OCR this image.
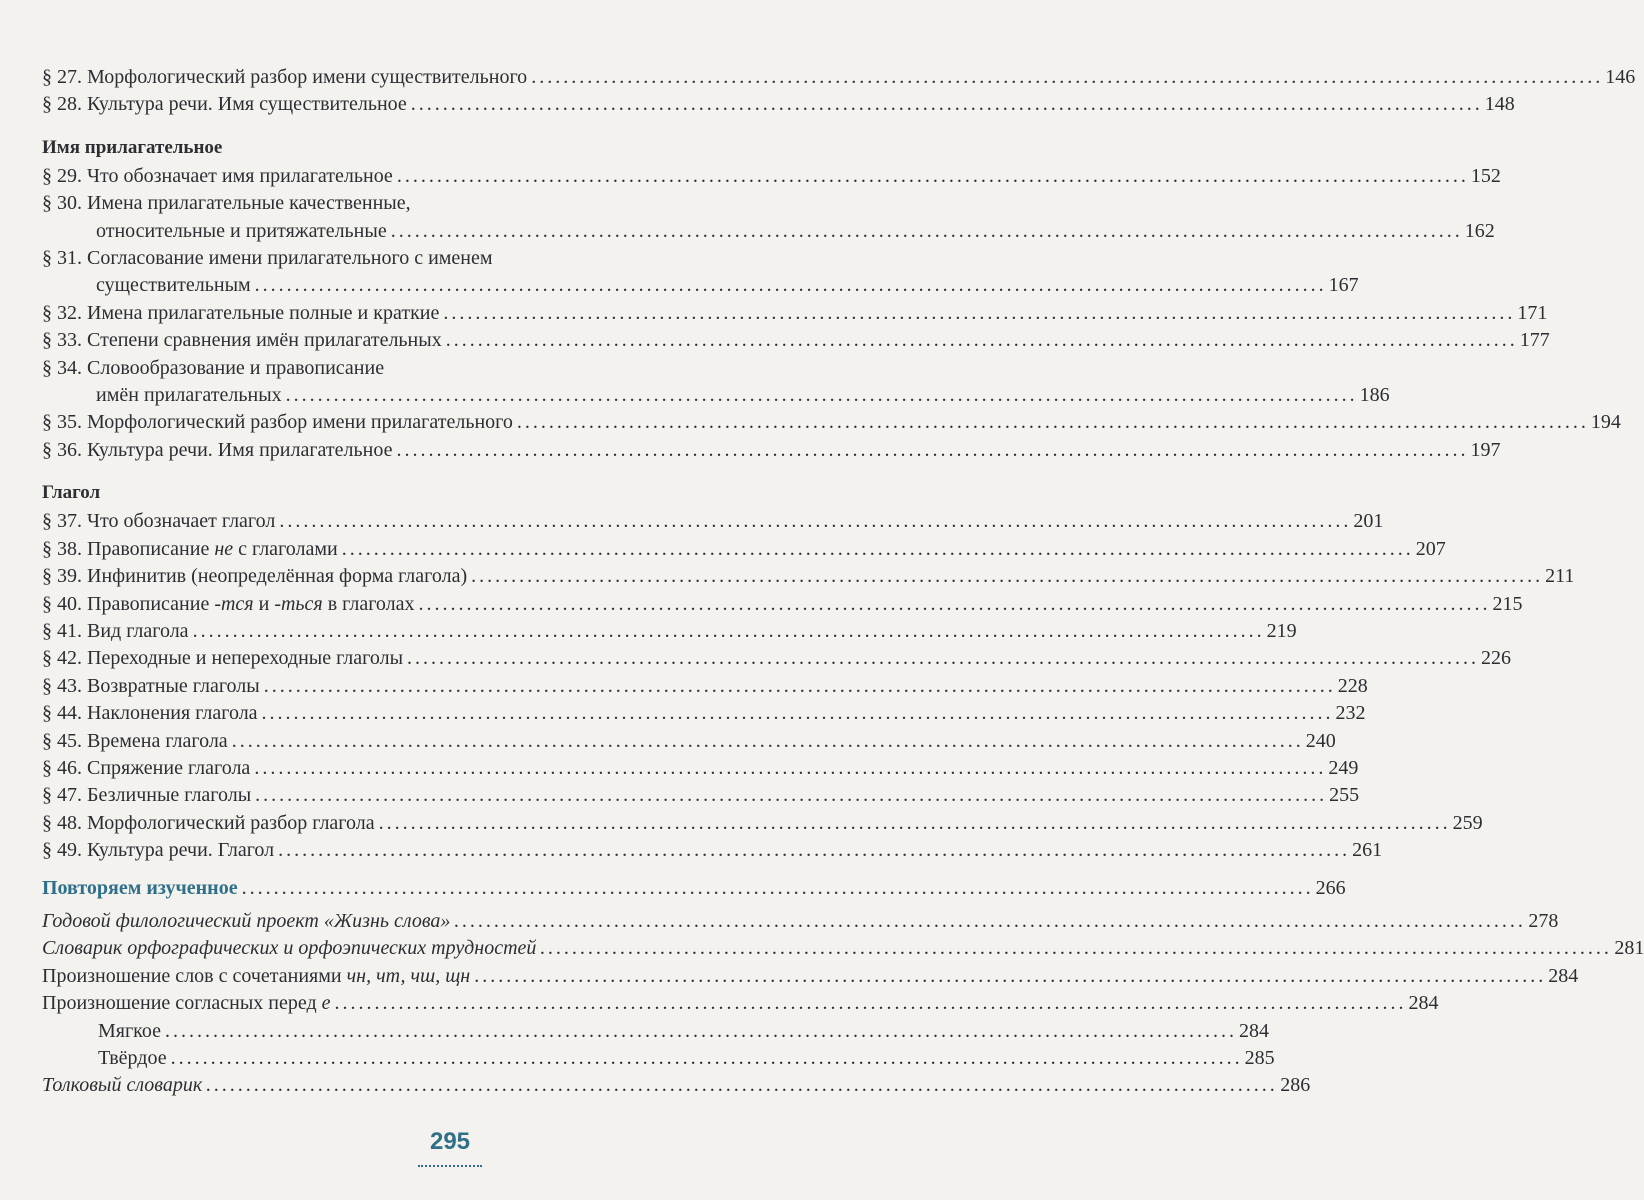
§ 27. Морфологический разбор имени существительного ...................................................................................................................................... 146
§ 28. Культура речи. Имя существительное ...................................................................................................................................... 148
Имя прилагательное
§ 29. Что обозначает имя прилагательное ...................................................................................................................................... 152
§ 30. Имена прилагательные качественные,
относительные и притяжательные ...................................................................................................................................... 162
§ 31. Согласование имени прилагательного с именем
существительным ...................................................................................................................................... 167
§ 32. Имена прилагательные полные и краткие ...................................................................................................................................... 171
§ 33. Степени сравнения имён прилагательных ...................................................................................................................................... 177
§ 34. Словообразование и правописание
имён прилагательных ...................................................................................................................................... 186
§ 35. Морфологический разбор имени прилагательного ...................................................................................................................................... 194
§ 36. Культура речи. Имя прилагательное ...................................................................................................................................... 197
Глагол
§ 37. Что обозначает глагол ...................................................................................................................................... 201
§ 38. Правописание не с глаголами ...................................................................................................................................... 207
§ 39. Инфинитив (неопределённая форма глагола) ...................................................................................................................................... 211
§ 40. Правописание -тся и -ться в глаголах ...................................................................................................................................... 215
§ 41. Вид глагола ...................................................................................................................................... 219
§ 42. Переходные и непереходные глаголы ...................................................................................................................................... 226
§ 43. Возвратные глаголы ...................................................................................................................................... 228
§ 44. Наклонения глагола ...................................................................................................................................... 232
§ 45. Времена глагола ...................................................................................................................................... 240
§ 46. Спряжение глагола ...................................................................................................................................... 249
§ 47. Безличные глаголы ...................................................................................................................................... 255
§ 48. Морфологический разбор глагола ...................................................................................................................................... 259
§ 49. Культура речи. Глагол ...................................................................................................................................... 261
Повторяем изученное ...................................................................................................................................... 266
Годовой филологический проект «Жизнь слова» ...................................................................................................................................... 278
Словарик орфографических и орфоэпических трудностей ...................................................................................................................................... 281
Произношение слов с сочетаниями чн, чт, чш, щн ...................................................................................................................................... 284
Произношение согласных перед е ...................................................................................................................................... 284
Мягкое ...................................................................................................................................... 284
Твёрдое ...................................................................................................................................... 285
Толковый словарик ...................................................................................................................................... 286
295
